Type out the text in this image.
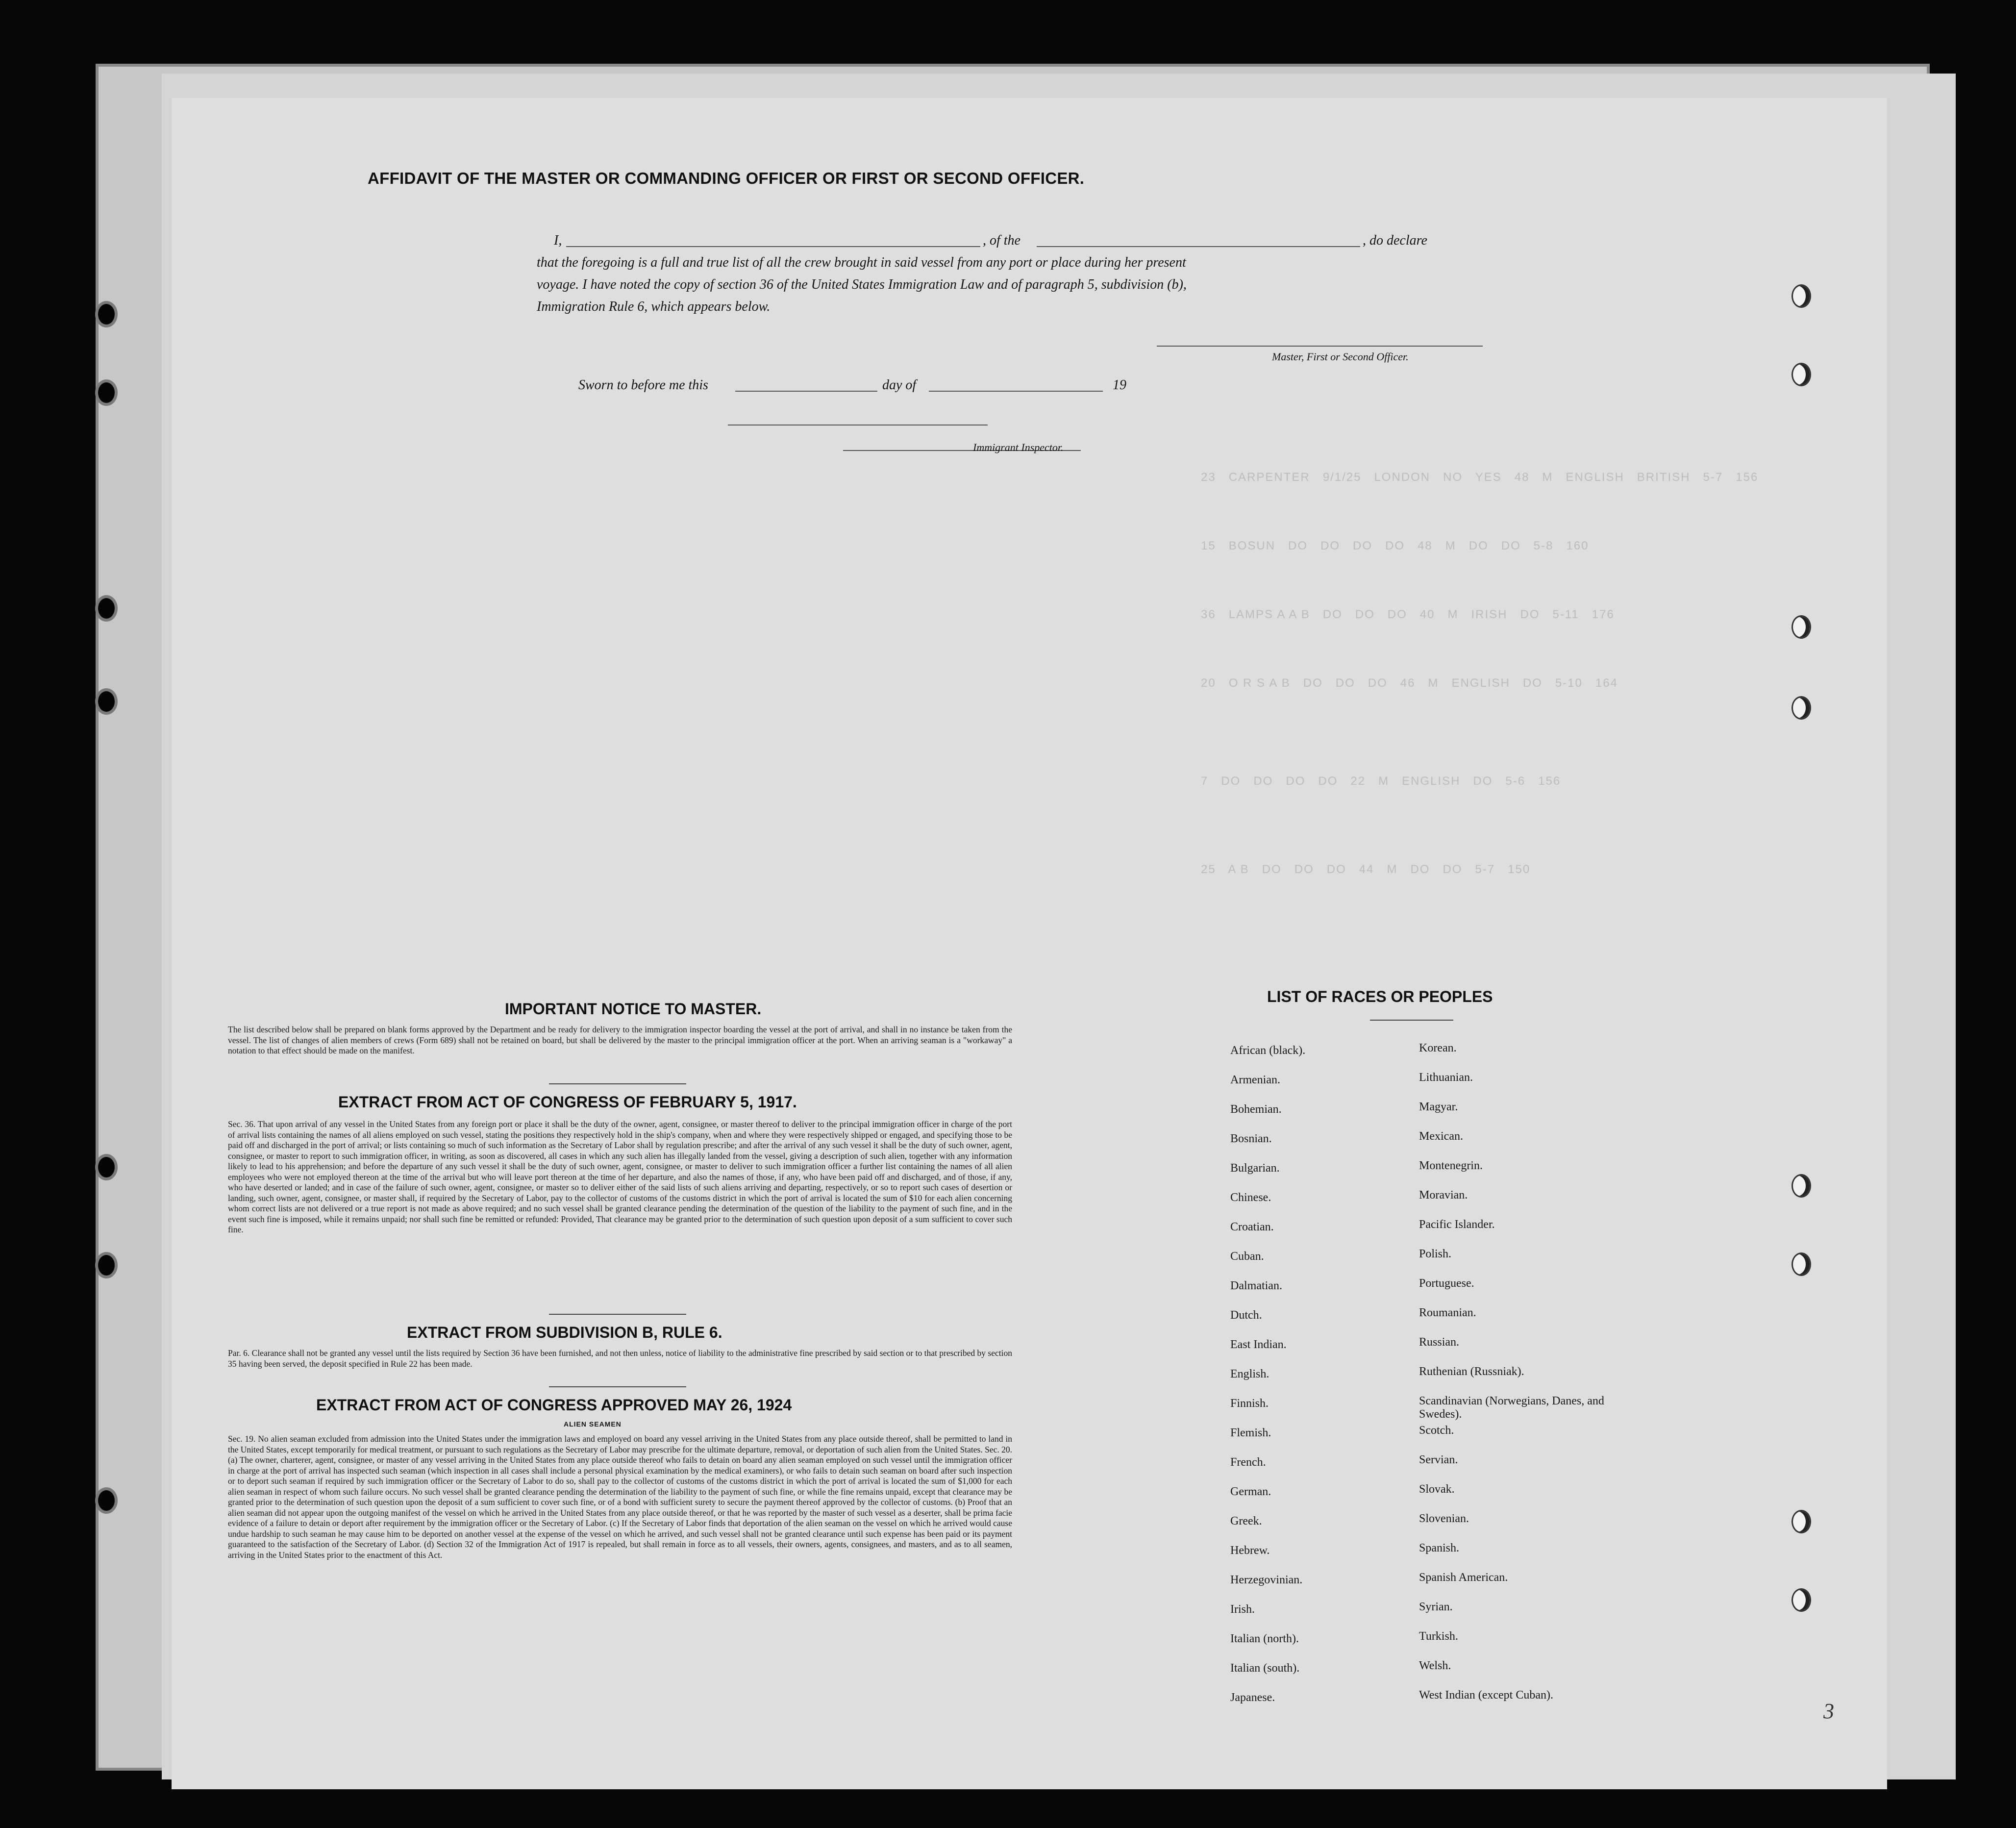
23   CARPENTER   9/1/25   LONDON   NO   YES   48   M   ENGLISH   BRITISH   5-7   156
15   BOSUN   DO   DO   DO   DO   48   M   DO   DO   5-8   160
36   LAMPS A A B   DO   DO   DO   40   M   IRISH   DO   5-11   176
20   O R S A B   DO   DO   DO   46   M   ENGLISH   DO   5-10   164
7   DO   DO   DO   DO   22   M   ENGLISH   DO   5-6   156
25   A B   DO   DO   DO   44   M   DO   DO   5-7   150
AFFIDAVIT OF THE MASTER OR COMMANDING OFFICER OR FIRST OR SECOND OFFICER.
I,	, of the	, do declare
that the foregoing is a full and true list of all the crew brought in said vessel from any port or place during her present
voyage. I have noted the copy of section 36 of the United States Immigration Law and of paragraph 5, subdivision (b),
Immigration Rule 6, which appears below.
Master, First or Second Officer.
Sworn to before me this	day of	19
Immigrant Inspector.
IMPORTANT NOTICE TO MASTER.
The list described below shall be prepared on blank forms approved by the Department and be ready for delivery to the immigration inspector boarding the vessel at the port of arrival, and shall in no instance be taken from the vessel. The list of changes of alien members of crews (Form 689) shall not be retained on board, but shall be delivered by the master to the principal immigration officer at the port. When an arriving seaman is a "workaway" a notation to that effect should be made on the manifest.
EXTRACT FROM ACT OF CONGRESS OF FEBRUARY 5, 1917.
Sec. 36. That upon arrival of any vessel in the United States from any foreign port or place it shall be the duty of the owner, agent, consignee, or master thereof to deliver to the principal immigration officer in charge of the port of arrival lists containing the names of all aliens employed on such vessel, stating the positions they respectively hold in the ship's company, when and where they were respectively shipped or engaged, and specifying those to be paid off and discharged in the port of arrival; or lists containing so much of such information as the Secretary of Labor shall by regulation prescribe; and after the arrival of any such vessel it shall be the duty of such owner, agent, consignee, or master to report to such immigration officer, in writing, as soon as discovered, all cases in which any such alien has illegally landed from the vessel, giving a description of such alien, together with any information likely to lead to his apprehension; and before the departure of any such vessel it shall be the duty of such owner, agent, consignee, or master to deliver to such immigration officer a further list containing the names of all alien employees who were not employed thereon at the time of the arrival but who will leave port thereon at the time of her departure, and also the names of those, if any, who have been paid off and discharged, and of those, if any, who have deserted or landed; and in case of the failure of such owner, agent, consignee, or master so to deliver either of the said lists of such aliens arriving and departing, respectively, or so to report such cases of desertion or landing, such owner, agent, consignee, or master shall, if required by the Secretary of Labor, pay to the collector of customs of the customs district in which the port of arrival is located the sum of $10 for each alien concerning whom correct lists are not delivered or a true report is not made as above required; and no such vessel shall be granted clearance pending the determination of the question of the liability to the payment of such fine, and in the event such fine is imposed, while it remains unpaid; nor shall such fine be remitted or refunded: Provided, That clearance may be granted prior to the determination of such question upon deposit of a sum sufficient to cover such fine.
EXTRACT FROM SUBDIVISION B, RULE 6.
Par. 6. Clearance shall not be granted any vessel until the lists required by Section 36 have been furnished, and not then unless, notice of liability to the administrative fine prescribed by said section or to that prescribed by section 35 having been served, the deposit specified in Rule 22 has been made.
EXTRACT FROM ACT OF CONGRESS APPROVED MAY 26, 1924
ALIEN SEAMEN
Sec. 19. No alien seaman excluded from admission into the United States under the immigration laws and employed on board any vessel arriving in the United States from any place outside thereof, shall be permitted to land in the United States, except temporarily for medical treatment, or pursuant to such regulations as the Secretary of Labor may prescribe for the ultimate departure, removal, or deportation of such alien from the United States. Sec. 20. (a) The owner, charterer, agent, consignee, or master of any vessel arriving in the United States from any place outside thereof who fails to detain on board any alien seaman employed on such vessel until the immigration officer in charge at the port of arrival has inspected such seaman (which inspection in all cases shall include a personal physical examination by the medical examiners), or who fails to detain such seaman on board after such inspection or to deport such seaman if required by such immigration officer or the Secretary of Labor to do so, shall pay to the collector of customs of the customs district in which the port of arrival is located the sum of $1,000 for each alien seaman in respect of whom such failure occurs. No such vessel shall be granted clearance pending the determination of the liability to the payment of such fine, or while the fine remains unpaid, except that clearance may be granted prior to the determination of such question upon the deposit of a sum sufficient to cover such fine, or of a bond with sufficient surety to secure the payment thereof approved by the collector of customs. (b) Proof that an alien seaman did not appear upon the outgoing manifest of the vessel on which he arrived in the United States from any place outside thereof, or that he was reported by the master of such vessel as a deserter, shall be prima facie evidence of a failure to detain or deport after requirement by the immigration officer or the Secretary of Labor. (c) If the Secretary of Labor finds that deportation of the alien seaman on the vessel on which he arrived would cause undue hardship to such seaman he may cause him to be deported on another vessel at the expense of the vessel on which he arrived, and such vessel shall not be granted clearance until such expense has been paid or its payment guaranteed to the satisfaction of the Secretary of Labor. (d) Section 32 of the Immigration Act of 1917 is repealed, but shall remain in force as to all vessels, their owners, agents, consignees, and masters, and as to all seamen, arriving in the United States prior to the enactment of this Act.
LIST OF RACES OR PEOPLES
African (black).
Armenian.
Bohemian.
Bosnian.
Bulgarian.
Chinese.
Croatian.
Cuban.
Dalmatian.
Dutch.
East Indian.
English.
Finnish.
Flemish.
French.
German.
Greek.
Hebrew.
Herzegovinian.
Irish.
Italian (north).
Italian (south).
Japanese.
Korean.
Lithuanian.
Magyar.
Mexican.
Montenegrin.
Moravian.
Pacific Islander.
Polish.
Portuguese.
Roumanian.
Russian.
Ruthenian (Russniak).
Scandinavian (Norwegians, Danes, and Swedes).
Scotch.
Servian.
Slovak.
Slovenian.
Spanish.
Spanish American.
Syrian.
Turkish.
Welsh.
West Indian (except Cuban).
3
